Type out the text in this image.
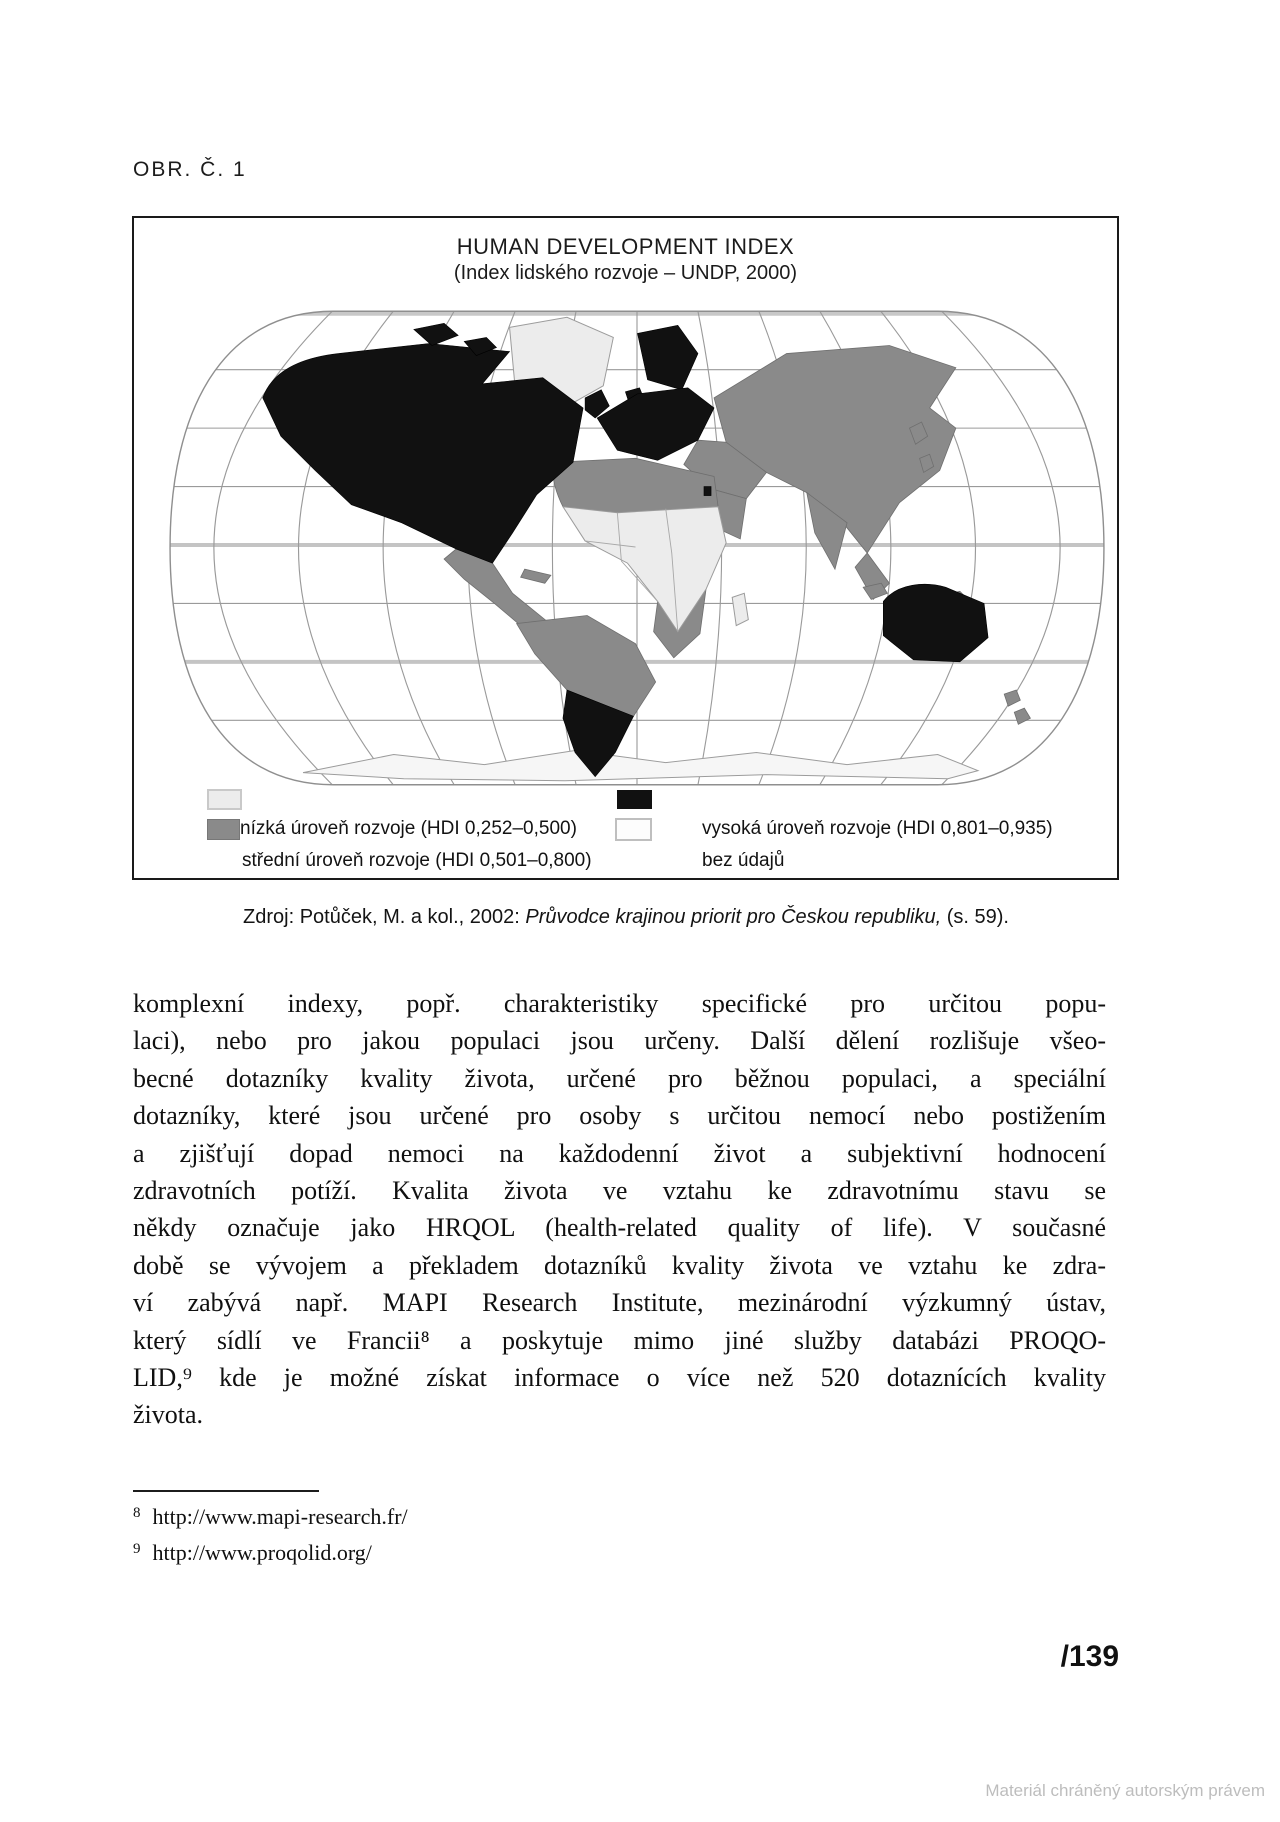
OBR. Č. 1
HUMAN DEVELOPMENT INDEX
(Index lidského rozvoje – UNDP, 2000)
nízká úroveň rozvoje (HDI 0,252–0,500)
střední úroveň rozvoje (HDI 0,501–0,800)
vysoká úroveň rozvoje (HDI 0,801–0,935)
bez údajů
Zdroj: Potůček, M. a kol., 2002: Průvodce krajinou priorit pro Českou republiku, (s. 59).
komplexní indexy, popř. charakteristiky specifické pro určitou popu-
laci), nebo pro jakou populaci jsou určeny. Další dělení rozlišuje všeo-
becné dotazníky kvality života, určené pro běžnou populaci, a speciální
dotazníky, které jsou určené pro osoby s určitou nemocí nebo postižením
a zjišťují dopad nemoci na každodenní život a subjektivní hodnocení
zdravotních potíží. Kvalita života ve vztahu ke zdravotnímu stavu se
někdy označuje jako HRQOL (health-related quality of life). V současné
době se vývojem a překladem dotazníků kvality života ve vztahu ke zdra-
ví zabývá např. MAPI Research Institute, mezinárodní výzkumný ústav,
který sídlí ve Francii⁸ a poskytuje mimo jiné služby databázi PROQO-
LID,⁹ kde je možné získat informace o více než 520 dotaznících kvality
života.
$^8$ http://www.mapi-research.fr/
$^9$ http://www.proqolid.org/
/139
Materiál chráněný autorským právem
